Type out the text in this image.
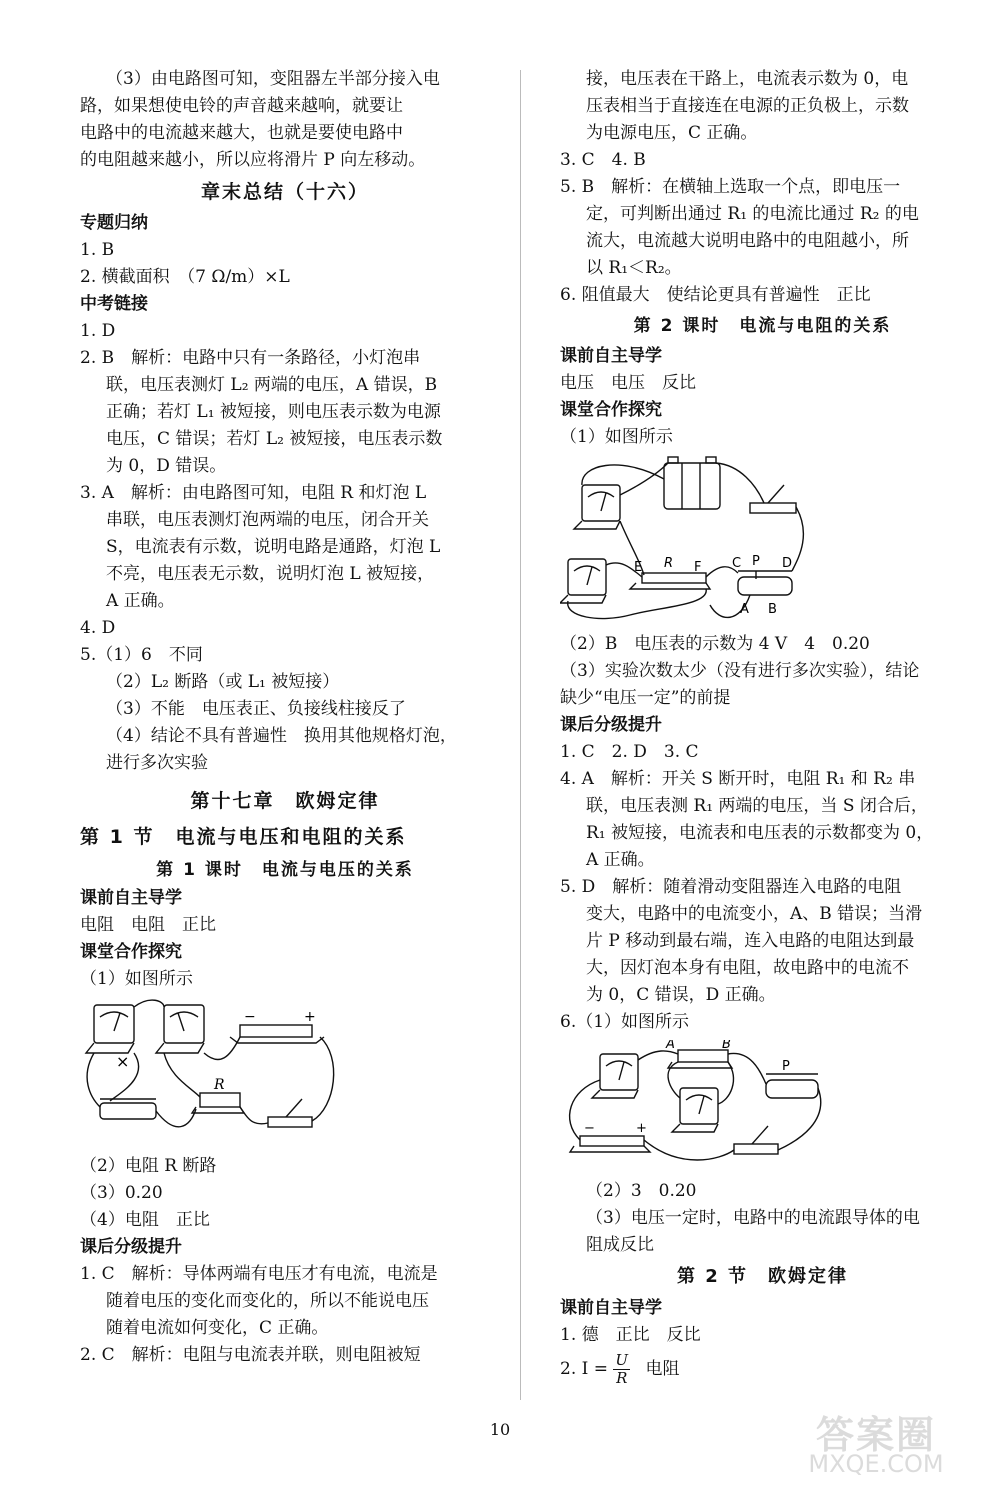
（3）由电路图可知，变阻器左半部分接入电
路，如果想使电铃的声音越来越响，就要让
电路中的电流越来越大，也就是要使电路中
的电阻越来越小，所以应将滑片 P 向左移动。
章末总结（十六）
专题归纳
1. B
2. 横截面积　（7 Ω/m）×L
中考链接
1. D
2. B　解析：电路中只有一条路径，小灯泡串
联，电压表测灯 L₂ 两端的电压，A 错误，B
正确；若灯 L₁ 被短接，则电压表示数为电源
电压，C 错误；若灯 L₂ 被短接，电压表示数
为 0，D 错误。
3. A　解析：由电路图可知，电阻 R 和灯泡 L
串联，电压表测灯泡两端的电压，闭合开关
S，电流表有示数，说明电路是通路，灯泡 L
不亮，电压表无示数，说明灯泡 L 被短接，
A 正确。
4. D
5.（1）6　不同
（2）L₂ 断路（或 L₁ 被短接）
（3）不能　电压表正、负接线柱接反了
（4）结论不具有普遍性　换用其他规格灯泡，
进行多次实验
第十七章　欧姆定律
第 1 节　电流与电压和电阻的关系
第 1 课时　电流与电压的关系
课前自主导学
电阻　电阻　正比
课堂合作探究
（1）如图所示
×
−	+
R
（2）电阻 R 断路
（3）0.20
（4）电阻　正比
课后分级提升
1. C　解析：导体两端有电压才有电流，电流是
随着电压的变化而变化的，所以不能说电压
随着电流如何变化，C 正确。
2. C　解析：电阻与电流表并联，则电阻被短
接，电压表在干路上，电流表示数为 0，电
压表相当于直接连在电源的正负极上，示数
为电源电压，C 正确。
3. C　4. B
5. B　解析：在横轴上选取一个点，即电压一
定，可判断出通过 R₁ 的电流比通过 R₂ 的电
流大，电流越大说明电路中的电阻越小，所
以 R₁＜R₂。
6. 阻值最大　使结论更具有普遍性　正比
第 2 课时　电流与电阻的关系
课前自主导学
电压　电压　反比
课堂合作探究
（1）如图所示
E R F C P D
A B
（2）B　电压表的示数为 4 V　4　0.20
（3）实验次数太少（没有进行多次实验），结论
缺少“电压一定”的前提
课后分级提升
1. C　2. D　3. C
4. A　解析：开关 S 断开时，电阻 R₁ 和 R₂ 串
联，电压表测 R₁ 两端的电压，当 S 闭合后，
R₁ 被短接，电流表和电压表的示数都变为 0，
A 正确。
5. D　解析：随着滑动变阻器连入电路的电阻
变大，电路中的电流变小，A、B 错误；当滑
片 P 移动到最右端，连入电路的电阻达到最
大，因灯泡本身有电阻，故电路中的电流不
为 0，C 错误，D 正确。
6.（1）如图所示
A	B
P
−	+
（2）3　0.20
（3）电压一定时，电路中的电流跟导体的电
阻成反比
第 2 节　欧姆定律
课前自主导学
1. 德　正比　反比
2. $I = \frac{U}{R}$ 电阻
10	答案圈
MXQE.COM
